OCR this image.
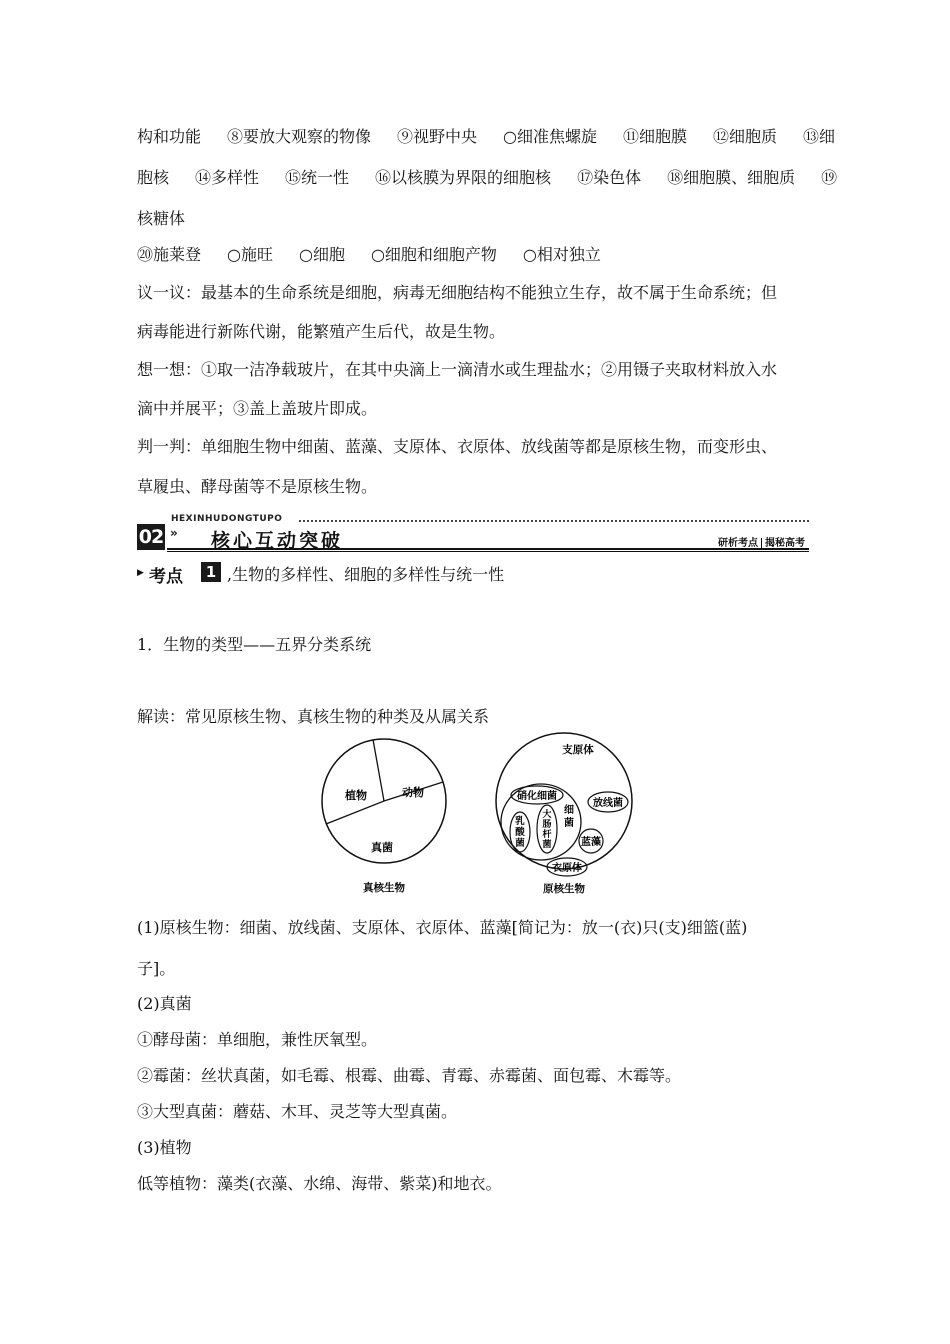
构和功能 ⑧要放大观察的物像 ⑨视野中央 ○细准焦螺旋 ⑪细胞膜 ⑫细胞质 ⑬细
胞核 ⑭多样性 ⑮统一性 ⑯以核膜为界限的细胞核 ⑰染色体 ⑱细胞膜、细胞质 ⑲
核糖体
⑳施莱登 ○施旺 ○细胞 ○细胞和细胞产物 ○相对独立
议一议：最基本的生命系统是细胞，病毒无细胞结构不能独立生存，故不属于生命系统；但
病毒能进行新陈代谢，能繁殖产生后代，故是生物。
想一想：①取一洁净载玻片，在其中央滴上一滴清水或生理盐水；②用镊子夹取材料放入水
滴中并展平；③盖上盖玻片即成。
判一判：单细胞生物中细菌、蓝藻、支原体、衣原体、放线菌等都是原核生物，而变形虫、
草履虫、酵母菌等不是原核生物。
HEXINHUDONGTUPO
02 » 核心互动突破	研析考点 揭秘高考
▶ 考点	1 ,生物的多样性、细胞的多样性与统一性
1．生物的类型——五界分类系统
解读：常见原核生物、真核生物的种类及从属关系
植物	动物
真菌
真核生物
支原体
硝化细菌
细
菌
乳
酸
菌
大
肠
杆
菌
放线菌
蓝藻
衣原体
原核生物
(1)原核生物：细菌、放线菌、支原体、衣原体、蓝藻[简记为：放一(衣)只(支)细篮(蓝)
子]。
(2)真菌
①酵母菌：单细胞，兼性厌氧型。
②霉菌：丝状真菌，如毛霉、根霉、曲霉、青霉、赤霉菌、面包霉、木霉等。
③大型真菌：蘑菇、木耳、灵芝等大型真菌。
(3)植物
低等植物：藻类(衣藻、水绵、海带、紫菜)和地衣。
